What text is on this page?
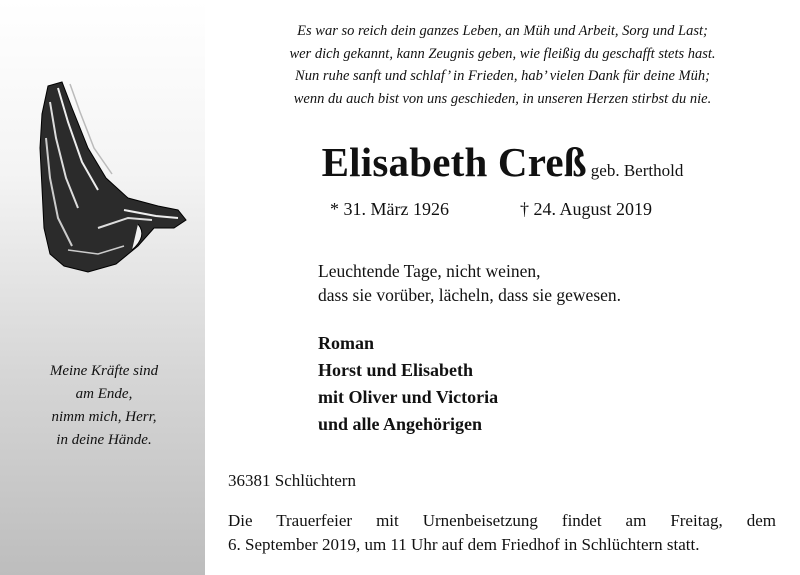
Meine Kräfte sind
am Ende,
nimm mich, Herr,
in deine Hände.
Es war so reich dein ganzes Leben, an Müh und Arbeit, Sorg und Last;
wer dich gekannt, kann Zeugnis geben, wie fleißig du geschafft stets hast.
Nun ruhe sanft und schlaf’ in Frieden, hab’ vielen Dank für deine Müh;
wenn du auch bist von uns geschieden, in unseren Herzen stirbst du nie.
Elisabeth Creß geb. Berthold
* 31. März 1926	† 24. August 2019
Leuchtende Tage, nicht weinen,
dass sie vorüber, lächeln, dass sie gewesen.
Roman
Horst und Elisabeth
mit Oliver und Victoria
und alle Angehörigen
36381 Schlüchtern
Die Trauerfeier mit Urnenbeisetzung findet am Freitag, dem
6. September 2019, um 11 Uhr auf dem Friedhof in Schlüchtern statt.
